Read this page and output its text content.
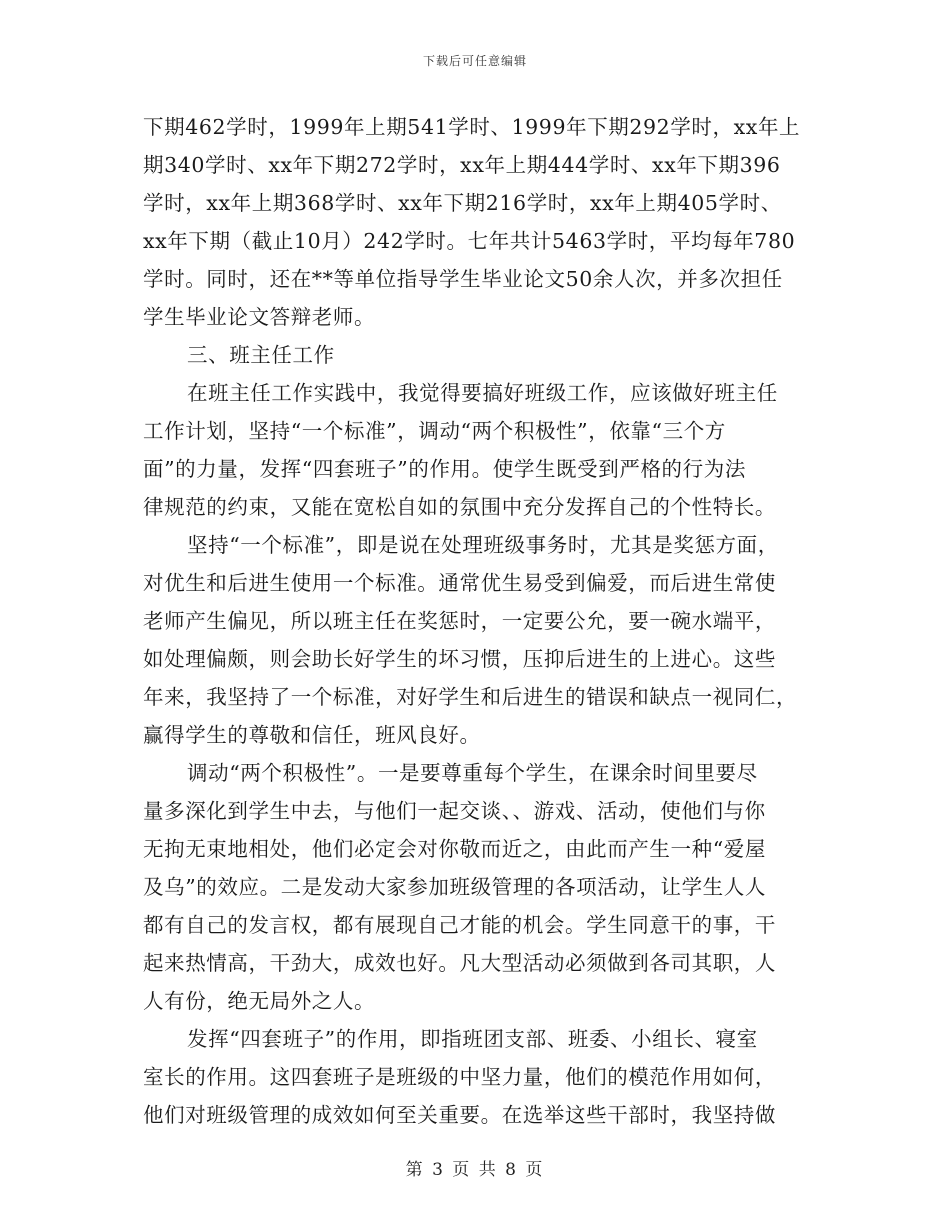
下载后可任意编辑
下期462学时，1999年上期541学时、1999年下期292学时，xx年上
期340学时、xx年下期272学时，xx年上期444学时、xx年下期396
学时，xx年上期368学时、xx年下期216学时，xx年上期405学时、
xx年下期（截止10月）242学时。七年共计5463学时，平均每年780
学时。同时，还在**等单位指导学生毕业论文50余人次，并多次担任
学生毕业论文答辩老师。
三、班主任工作
在班主任工作实践中，我觉得要搞好班级工作，应该做好班主任
工作计划，坚持“一个标准”，调动“两个积极性”，依靠“三个方
面”的力量，发挥“四套班子”的作用。使学生既受到严格的行为法
律规范的约束，又能在宽松自如的氛围中充分发挥自己的个性特长。
坚持“一个标准”，即是说在处理班级事务时，尤其是奖惩方面，
对优生和后进生使用一个标准。通常优生易受到偏爱，而后进生常使
老师产生偏见，所以班主任在奖惩时，一定要公允，要一碗水端平，
如处理偏颇，则会助长好学生的坏习惯，压抑后进生的上进心。这些
年来，我坚持了一个标准，对好学生和后进生的错误和缺点一视同仁，
赢得学生的尊敬和信任，班风良好。
调动“两个积极性”。一是要尊重每个学生，在课余时间里要尽
量多深化到学生中去，与他们一起交谈、、游戏、活动，使他们与你
无拘无束地相处，他们必定会对你敬而近之，由此而产生一种“爱屋
及乌”的效应。二是发动大家参加班级管理的各项活动，让学生人人
都有自己的发言权，都有展现自己才能的机会。学生同意干的事，干
起来热情高，干劲大，成效也好。凡大型活动必须做到各司其职，人
人有份，绝无局外之人。
发挥“四套班子”的作用，即指班团支部、班委、小组长、寝室
室长的作用。这四套班子是班级的中坚力量，他们的模范作用如何，
他们对班级管理的成效如何至关重要。在选举这些干部时，我坚持做
第 3 页 共 8 页
